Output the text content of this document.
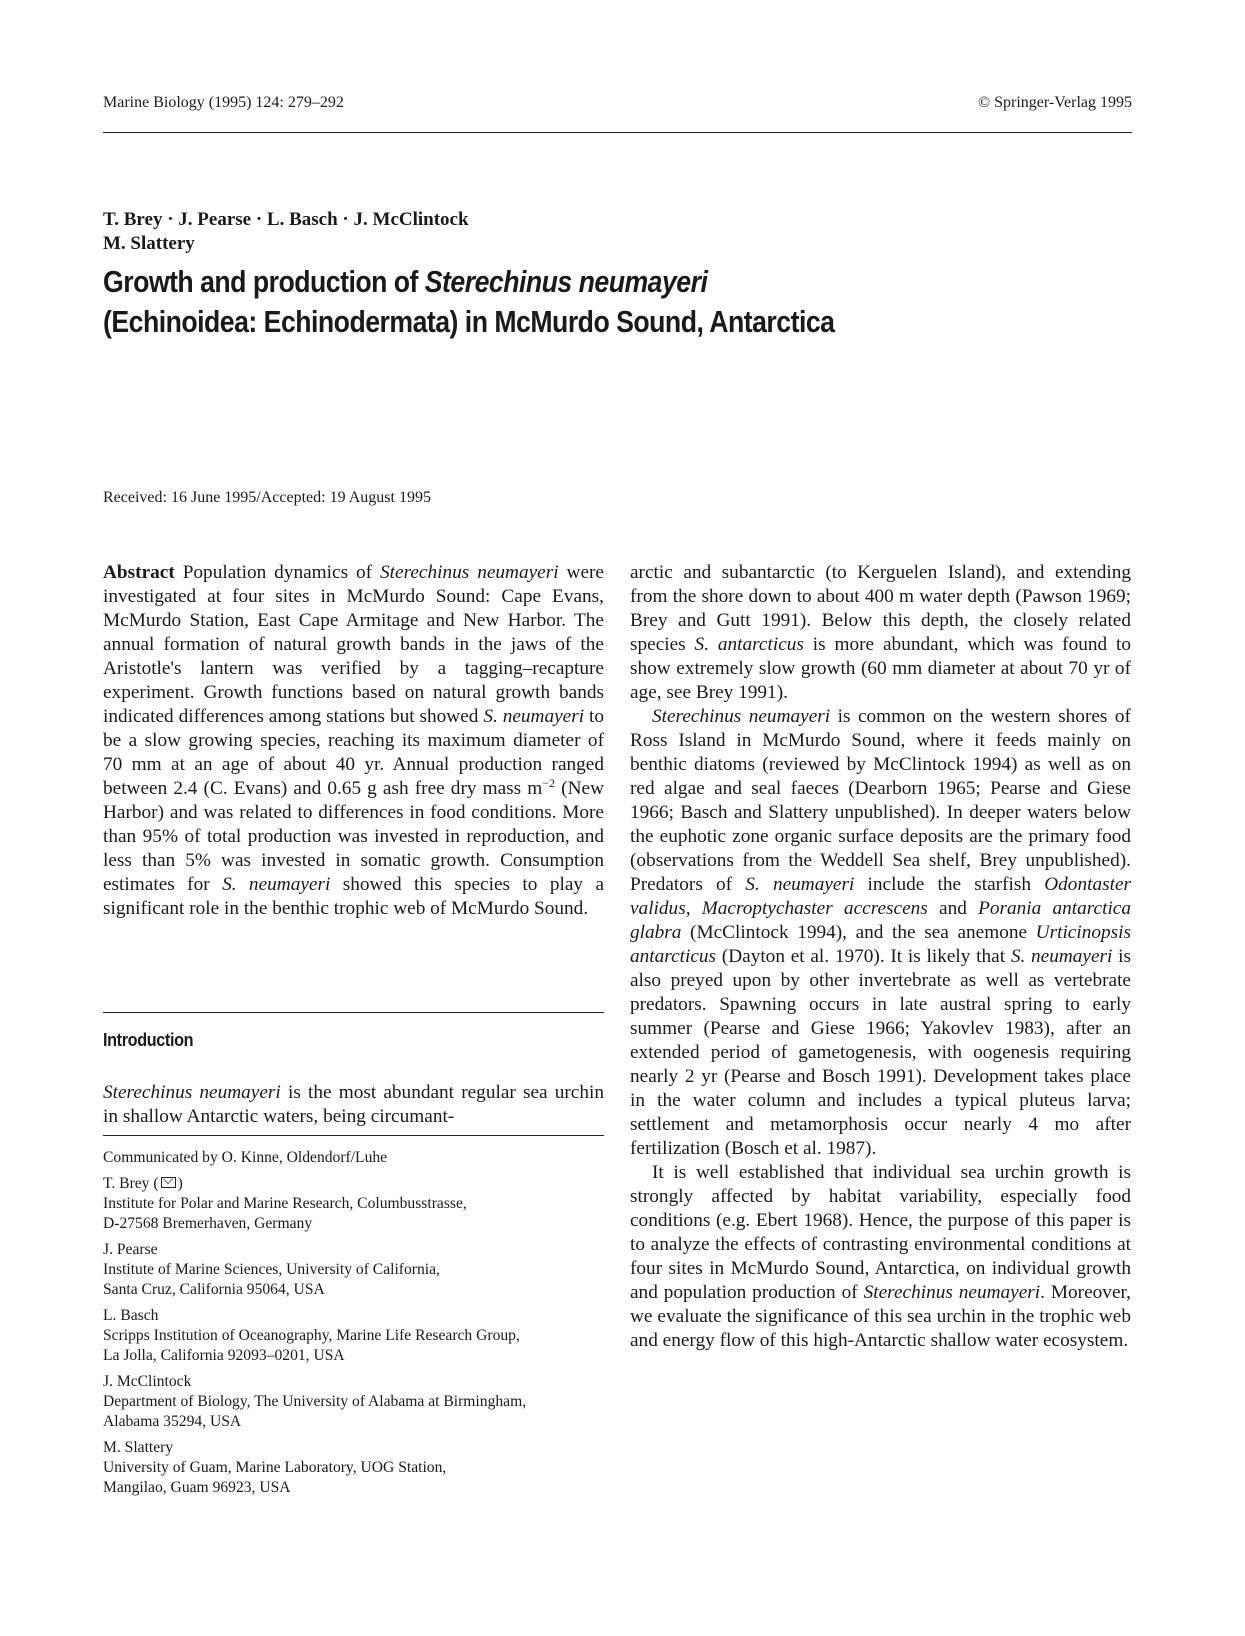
Marine Biology (1995) 124: 279–292	© Springer-Verlag 1995
T. Brey · J. Pearse · L. Basch · J. McClintock
M. Slattery
Growth and production of Sterechinus neumayeri
(Echinoidea: Echinodermata) in McMurdo Sound, Antarctica
Received: 16 June 1995/Accepted: 19 August 1995

Abstract Population dynamics of Sterechinus neumayeri were investigated at four sites in McMurdo Sound: Cape Evans, McMurdo Station, East Cape Armitage and New Harbor. The annual formation of natural growth bands in the jaws of the Aristotle's lantern was verified by a tagging–recapture experiment. Growth functions based on natural growth bands indicated differences among stations but showed S. neumayeri to be a slow growing species, reaching its maximum diameter of 70 mm at an age of about 40 yr. Annual production ranged between 2.4 (C. Evans) and 0.65 g ash free dry mass $m^{-2}$ (New Harbor) and was related to differences in food conditions. More than 95% of total production was invested in reproduction, and less than 5% was invested in somatic growth. Consumption estimates for S. neumayeri showed this species to play a significant role in the benthic trophic web of McMurdo Sound.

Introduction

Sterechinus neumayeri is the most abundant regular sea urchin in shallow Antarctic waters, being circumant-

Communicated by O. Kinne, Oldendorf/Luhe
T. Brey ( )
Institute for Polar and Marine Research, Columbusstrasse,
D-27568 Bremerhaven, Germany
J. Pearse
Institute of Marine Sciences, University of California,
Santa Cruz, California 95064, USA
L. Basch
Scripps Institution of Oceanography, Marine Life Research Group,
La Jolla, California 92093–0201, USA
J. McClintock
Department of Biology, The University of Alabama at Birmingham,
Alabama 35294, USA
M. Slattery
University of Guam, Marine Laboratory, UOG Station,
Mangilao, Guam 96923, USA

arctic and subantarctic (to Kerguelen Island), and extending from the shore down to about 400 m water depth (Pawson 1969; Brey and Gutt 1991). Below this depth, the closely related species S. antarcticus is more abundant, which was found to show extremely slow growth (60 mm diameter at about 70 yr of age, see Brey 1991).

Sterechinus neumayeri is common on the western shores of Ross Island in McMurdo Sound, where it feeds mainly on benthic diatoms (reviewed by McClintock 1994) as well as on red algae and seal faeces (Dearborn 1965; Pearse and Giese 1966; Basch and Slattery unpublished). In deeper waters below the euphotic zone organic surface deposits are the primary food (observations from the Weddell Sea shelf, Brey unpublished). Predators of S. neumayeri include the starfish Odontaster validus, Macroptychaster accrescens and Porania antarctica glabra (McClintock 1994), and the sea anemone Urticinopsis antarcticus (Dayton et al. 1970). It is likely that S. neumayeri is also preyed upon by other invertebrate as well as vertebrate predators. Spawning occurs in late austral spring to early summer (Pearse and Giese 1966; Yakovlev 1983), after an extended period of gametogenesis, with oogenesis requiring nearly 2 yr (Pearse and Bosch 1991). Development takes place in the water column and includes a typical pluteus larva; settlement and metamorphosis occur nearly 4 mo after fertilization (Bosch et al. 1987).

It is well established that individual sea urchin growth is strongly affected by habitat variability, especially food conditions (e.g. Ebert 1968). Hence, the purpose of this paper is to analyze the effects of contrasting environmental conditions at four sites in McMurdo Sound, Antarctica, on individual growth and population production of Sterechinus neumayeri. Moreover, we evaluate the significance of this sea urchin in the trophic web and energy flow of this high-Antarctic shallow water ecosystem.
